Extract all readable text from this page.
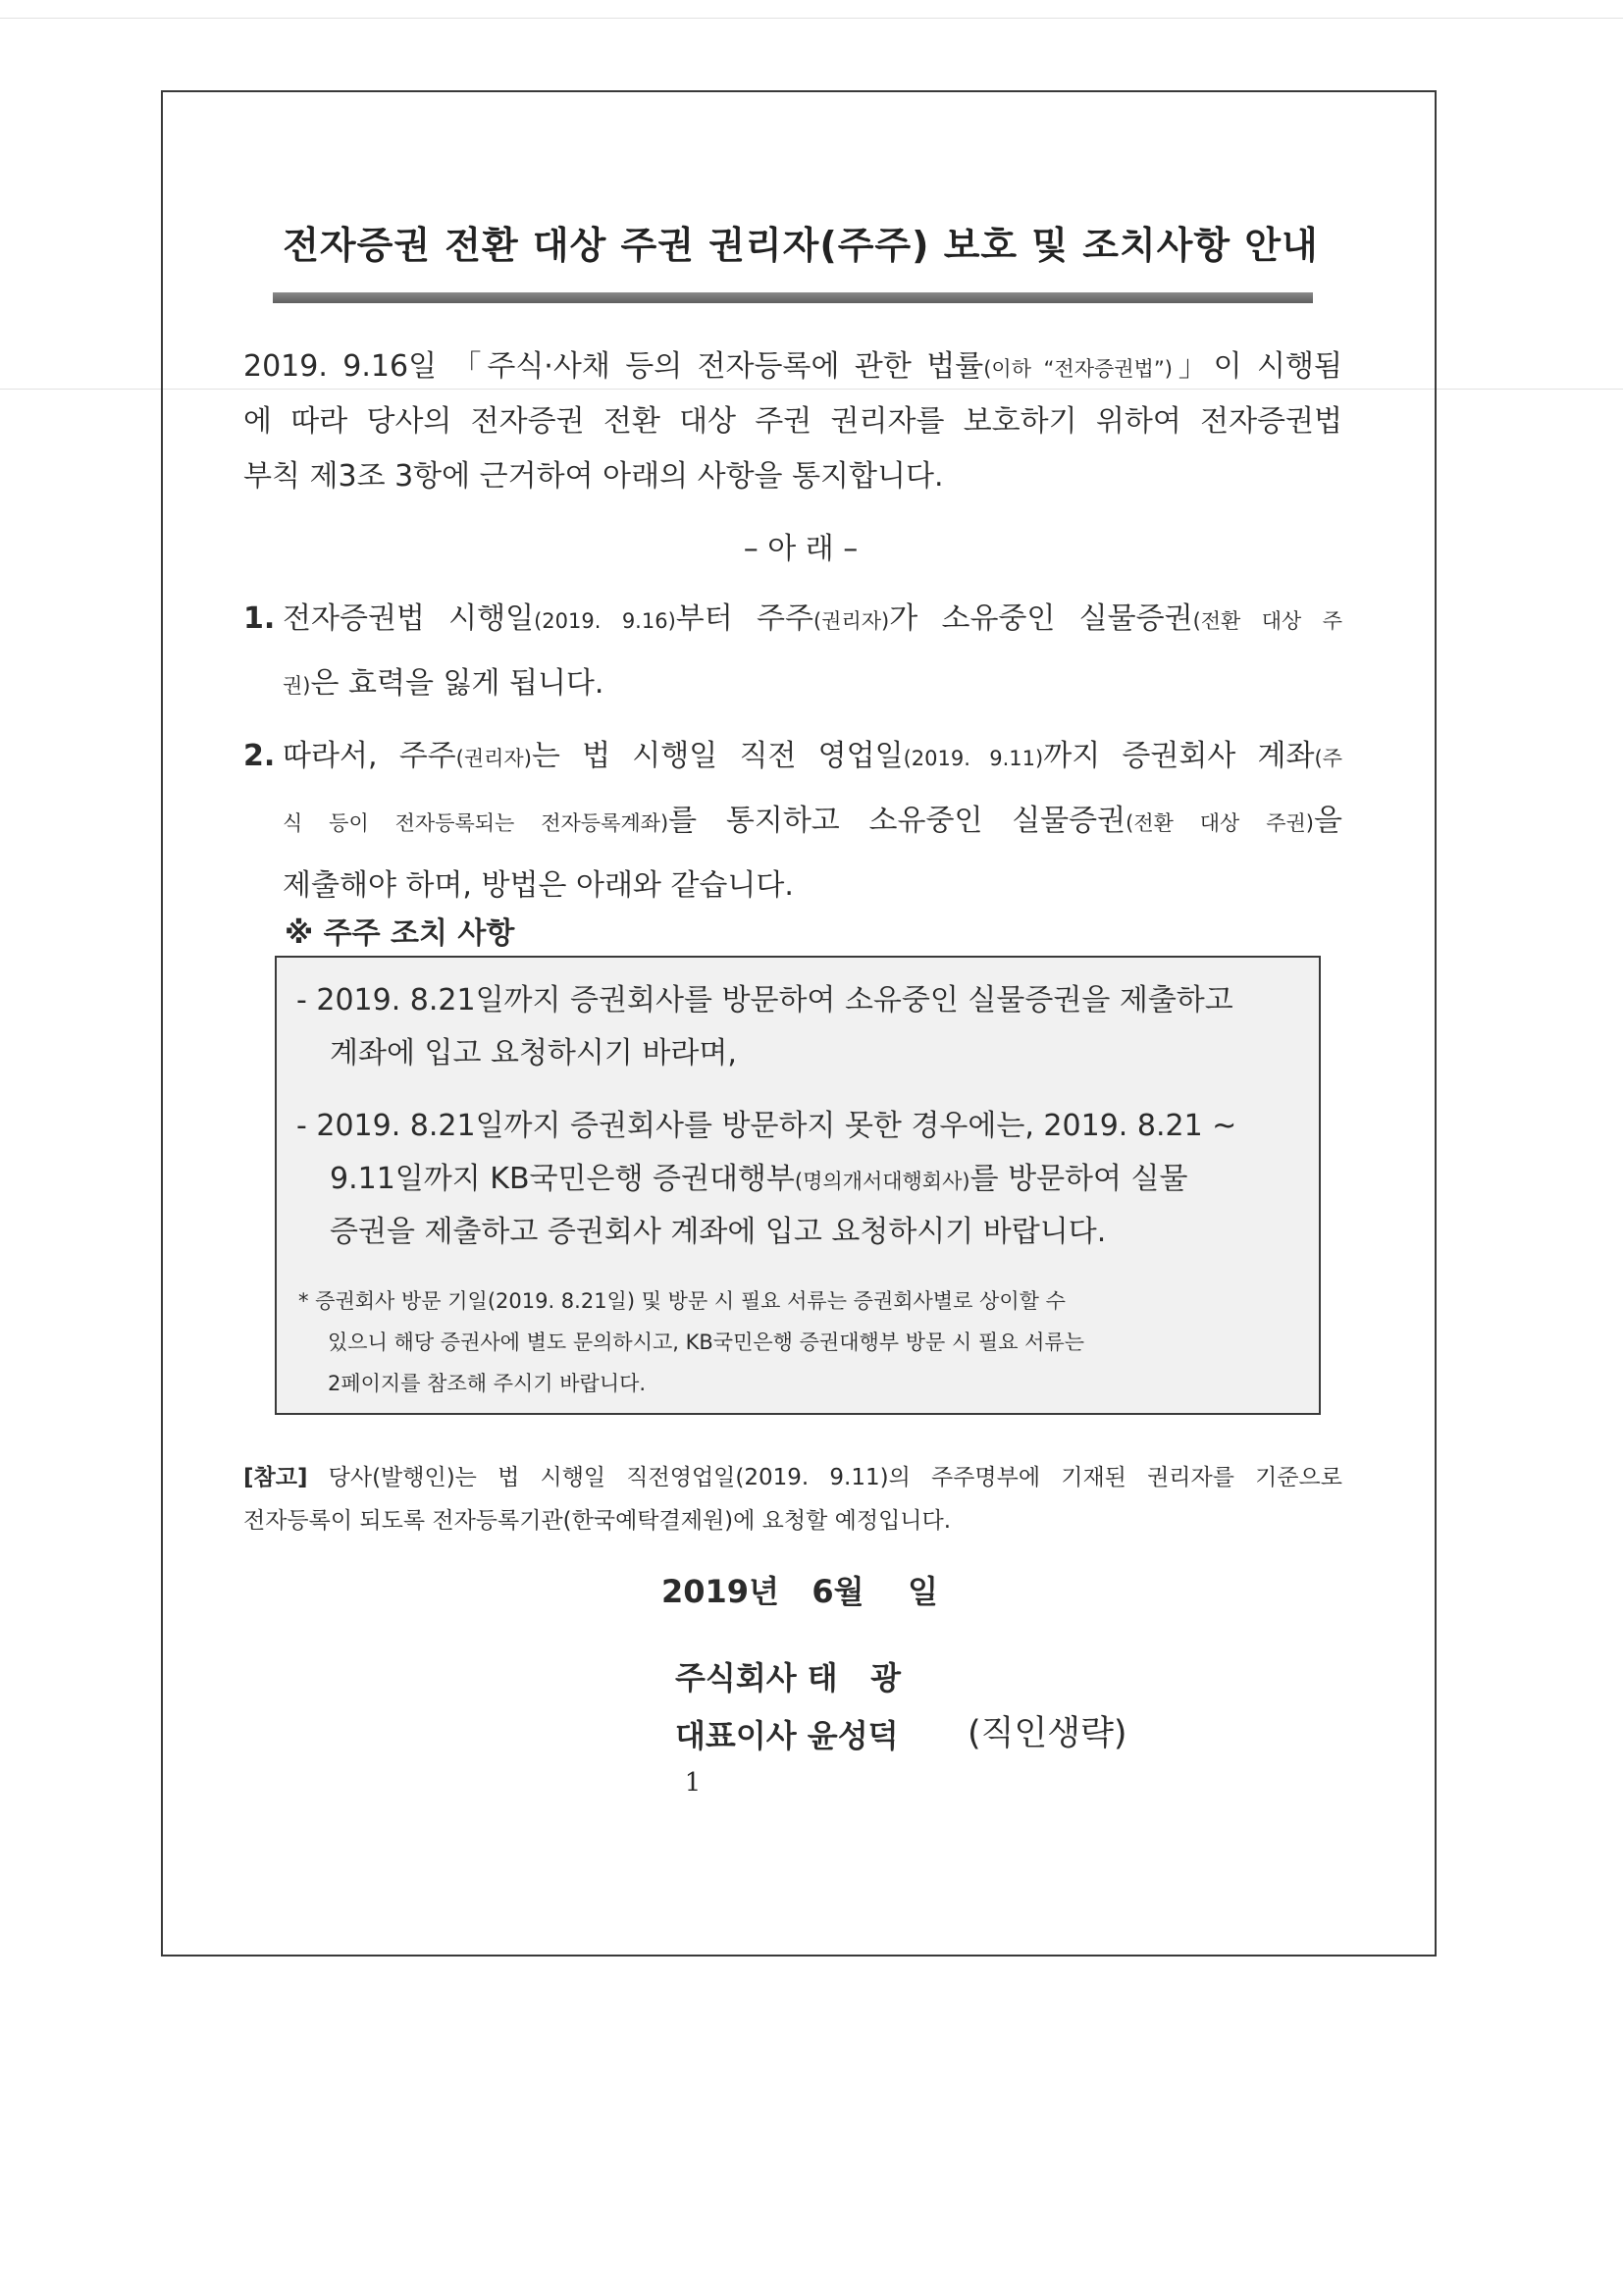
전자증권 전환 대상 주권 권리자(주주) 보호 및 조치사항 안내
2019. 9.16일 「주식·사채 등의 전자등록에 관한 법률(이하 “전자증권법”)」이 시행됨
에 따라 당사의 전자증권 전환 대상 주권 권리자를 보호하기 위하여 전자증권법
부칙 제3조 3항에 근거하여 아래의 사항을 통지합니다.
– 아 래 –
1. 전자증권법 시행일(2019. 9.16)부터 주주(권리자)가 소유중인 실물증권(전환 대상 주
권)은 효력을 잃게 됩니다.
2. 따라서, 주주(권리자)는 법 시행일 직전 영업일(2019. 9.11)까지 증권회사 계좌(주
식 등이 전자등록되는 전자등록계좌)를 통지하고 소유중인 실물증권(전환 대상 주권)을
제출해야 하며, 방법은 아래와 같습니다.
※ 주주 조치 사항
- 2019. 8.21일까지 증권회사를 방문하여 소유중인 실물증권을 제출하고
계좌에 입고 요청하시기 바라며,
- 2019. 8.21일까지 증권회사를 방문하지 못한 경우에는, 2019. 8.21 ~
9.11일까지 KB국민은행 증권대행부(명의개서대행회사)를 방문하여 실물
증권을 제출하고 증권회사 계좌에 입고 요청하시기 바랍니다.
* 증권회사 방문 기일(2019. 8.21일) 및 방문 시 필요 서류는 증권회사별로 상이할 수
있으니 해당 증권사에 별도 문의하시고, KB국민은행 증권대행부 방문 시 필요 서류는
2페이지를 참조해 주시기 바랍니다.
[참고] 당사(발행인)는 법 시행일 직전영업일(2019. 9.11)의 주주명부에 기재된 권리자를 기준으로
전자등록이 되도록 전자등록기관(한국예탁결제원)에 요청할 예정입니다.
2019년   6월    일
주식회사 태   광
대표이사 윤성덕 (직인생략)
1
